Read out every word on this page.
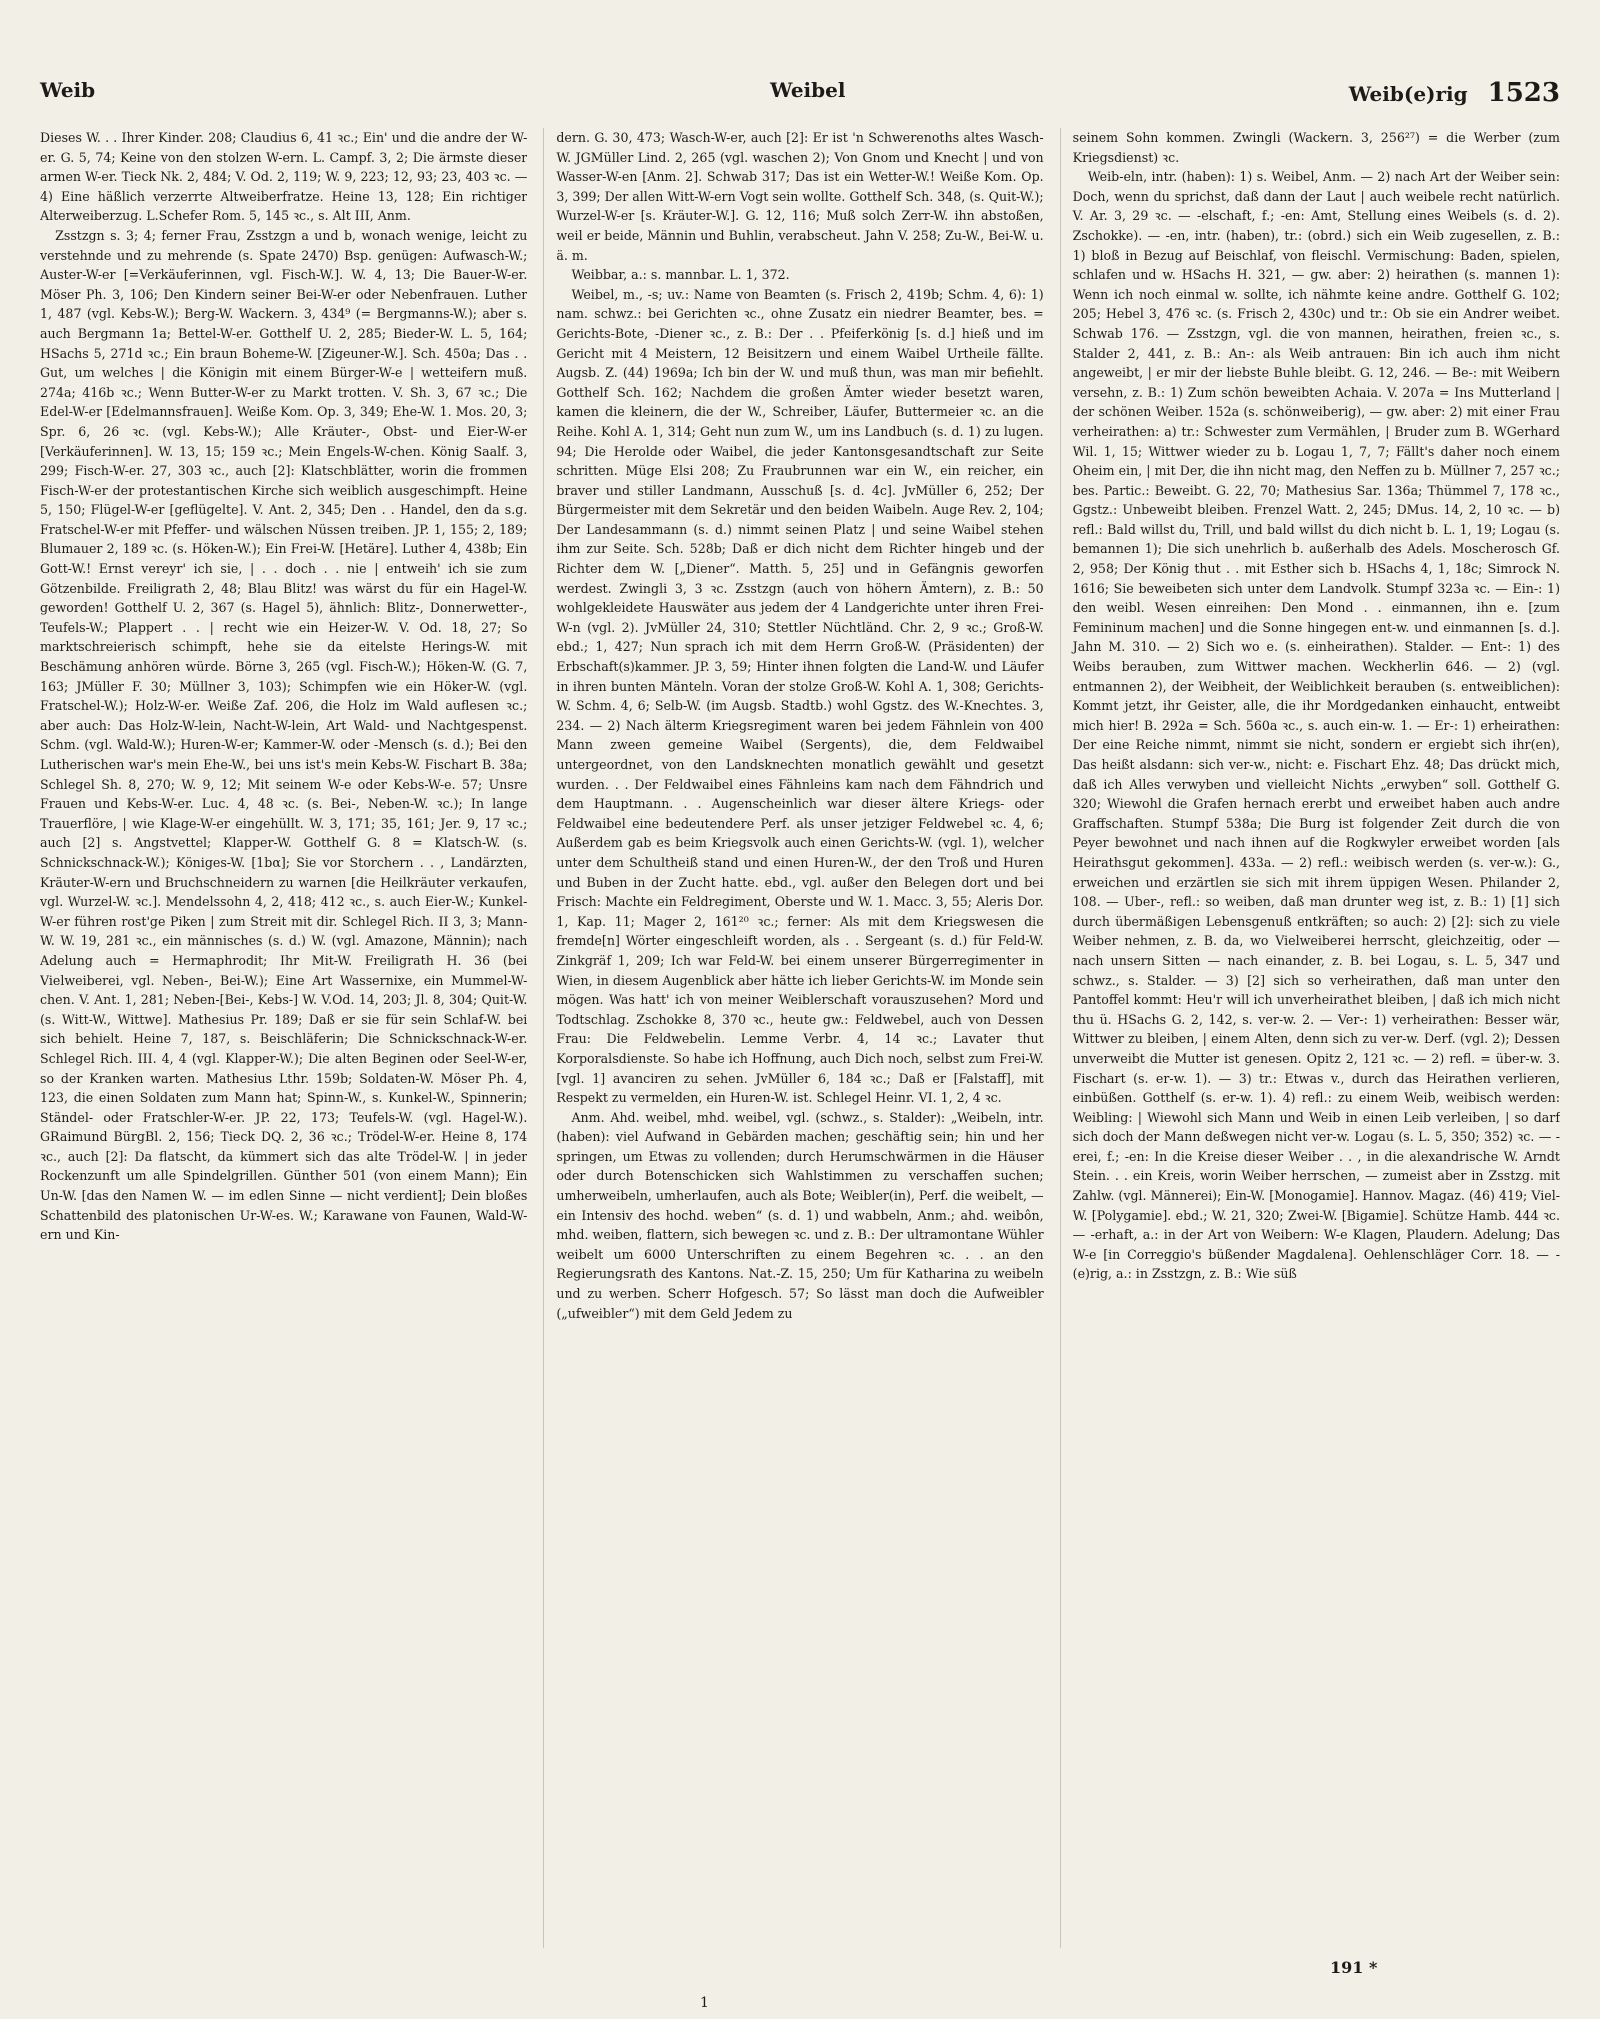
Weib	Weibel	Weib(e)rig 1523

Dieses W. . . Ihrer Kinder. 208; Claudius 6, 41 ꝛc.; Ein' und die andre der W-er. G. 5, 74; Keine von den stolzen W-ern. L. Campf. 3, 2; Die ärmste dieser armen W-er. Tieck Nk. 2, 484; V. Od. 2, 119; W. 9, 223; 12, 93; 23, 403 ꝛc. — 4) Eine häßlich verzerrte Altweiberfratze. Heine 13, 128; Ein richtiger Alterweiberzug. L.Schefer Rom. 5, 145 ꝛc., s. Alt III, Anm.

Zsstzgn s. 3; 4; ferner Frau, Zsstzgn a und b, wonach wenige, leicht zu verstehnde und zu mehrende (s. Spate 2470) Bsp. genügen: Aufwasch-W.; Auster-W-er [=Verkäuferinnen, vgl. Fisch-W.]. W. 4, 13; Die Bauer-W-er. Möser Ph. 3, 106; Den Kindern seiner Bei-W-er oder Nebenfrauen. Luther 1, 487 (vgl. Kebs-W.); Berg-W. Wackern. 3, 434⁹ (= Bergmanns-W.); aber s. auch Bergmann 1a; Bettel-W-er. Gotthelf U. 2, 285; Bieder-W. L. 5, 164; HSachs 5, 271d ꝛc.; Ein braun Boheme-W. [Zigeuner-W.]. Sch. 450a; Das . . Gut, um welches | die Königin mit einem Bürger-W-e | wetteifern muß. 274a; 416b ꝛc.; Wenn Butter-W-er zu Markt trotten. V. Sh. 3, 67 ꝛc.; Die Edel-W-er [Edelmannsfrauen]. Weiße Kom. Op. 3, 349; Ehe-W. 1. Mos. 20, 3; Spr. 6, 26 ꝛc. (vgl. Kebs-W.); Alle Kräuter-, Obst- und Eier-W-er [Verkäuferinnen]. W. 13, 15; 159 ꝛc.; Mein Engels-W-chen. König Saalf. 3, 299; Fisch-W-er. 27, 303 ꝛc., auch [2]: Klatschblätter, worin die frommen Fisch-W-er der protestantischen Kirche sich weiblich ausgeschimpft. Heine 5, 150; Flügel-W-er [geflügelte]. V. Ant. 2, 345; Den . . Handel, den da s.g. Fratschel-W-er mit Pfeffer- und wälschen Nüssen treiben. JP. 1, 155; 2, 189; Blumauer 2, 189 ꝛc. (s. Höken-W.); Ein Frei-W. [Hetäre]. Luther 4, 438b; Ein Gott-W.! Ernst vereyr' ich sie, | . . doch . . nie | entweih' ich sie zum Götzenbilde. Freiligrath 2, 48; Blau Blitz! was wärst du für ein Hagel-W. geworden! Gotthelf U. 2, 367 (s. Hagel 5), ähnlich: Blitz-, Donnerwetter-, Teufels-W.; Plappert . . | recht wie ein Heizer-W. V. Od. 18, 27; So marktschreierisch schimpft, hehe sie da eitelste Herings-W. mit Beschämung anhören würde. Börne 3, 265 (vgl. Fisch-W.); Höken-W. (G. 7, 163; JMüller F. 30; Müllner 3, 103); Schimpfen wie ein Höker-W. (vgl. Fratschel-W.); Holz-W-er. Weiße Zaf. 206, die Holz im Wald auflesen ꝛc.; aber auch: Das Holz-W-lein, Nacht-W-lein, Art Wald- und Nachtgespenst. Schm. (vgl. Wald-W.); Huren-W-er; Kammer-W. oder -Mensch (s. d.); Bei den Lutherischen war's mein Ehe-W., bei uns ist's mein Kebs-W. Fischart B. 38a; Schlegel Sh. 8, 270; W. 9, 12; Mit seinem W-e oder Kebs-W-e. 57; Unsre Frauen und Kebs-W-er. Luc. 4, 48 ꝛc. (s. Bei-, Neben-W. ꝛc.); In lange Trauerflöre, | wie Klage-W-er eingehüllt. W. 3, 171; 35, 161; Jer. 9, 17 ꝛc.; auch [2] s. Angstvettel; Klapper-W. Gotthelf G. 8 = Klatsch-W. (s. Schnickschnack-W.); Königes-W. [1bα]; Sie vor Storchern . . , Landärzten, Kräuter-W-ern und Bruchschneidern zu warnen [die Heilkräuter verkaufen, vgl. Wurzel-W. ꝛc.]. Mendelssohn 4, 2, 418; 412 ꝛc., s. auch Eier-W.; Kunkel-W-er führen rost'ge Piken | zum Streit mit dir. Schlegel Rich. II 3, 3; Mann-W. W. 19, 281 ꝛc., ein männisches (s. d.) W. (vgl. Amazone, Männin); nach Adelung auch = Hermaphrodit; Ihr Mit-W. Freiligrath H. 36 (bei Vielweiberei, vgl. Neben-, Bei-W.); Eine Art Wassernixe, ein Mummel-W-chen. V. Ant. 1, 281; Neben-[Bei-, Kebs-] W. V.Od. 14, 203; Jl. 8, 304; Quit-W. (s. Witt-W., Wittwe]. Mathesius Pr. 189; Daß er sie für sein Schlaf-W. bei sich behielt. Heine 7, 187, s. Beischläferin; Die Schnickschnack-W-er. Schlegel Rich. III. 4, 4 (vgl. Klapper-W.); Die alten Beginen oder Seel-W-er, so der Kranken warten. Mathesius Lthr. 159b; Soldaten-W. Möser Ph. 4, 123, die einen Soldaten zum Mann hat; Spinn-W., s. Kunkel-W., Spinnerin; Ständel- oder Fratschler-W-er. JP. 22, 173; Teufels-W. (vgl. Hagel-W.). GRaimund BürgBl. 2, 156; Tieck DQ. 2, 36 ꝛc.; Trödel-W-er. Heine 8, 174 ꝛc., auch [2]: Da flatscht, da kümmert sich das alte Trödel-W. | in jeder Rockenzunft um alle Spindelgrillen. Günther 501 (von einem Mann); Ein Un-W. [das den Namen W. — im edlen Sinne — nicht verdient]; Dein bloßes Schattenbild des platonischen Ur-W-es. W.; Karawane von Faunen, Wald-W-ern und Kin-

dern. G. 30, 473; Wasch-W-er, auch [2]: Er ist 'n Schwerenoths altes Wasch-W. JGMüller Lind. 2, 265 (vgl. waschen 2); Von Gnom und Knecht | und von Wasser-W-en [Anm. 2]. Schwab 317; Das ist ein Wetter-W.! Weiße Kom. Op. 3, 399; Der allen Witt-W-ern Vogt sein wollte. Gotthelf Sch. 348, (s. Quit-W.); Wurzel-W-er [s. Kräuter-W.]. G. 12, 116; Muß solch Zerr-W. ihn abstoßen, weil er beide, Männin und Buhlin, verabscheut. Jahn V. 258; Zu-W., Bei-W. u. ä. m.

Weibbar, a.: s. mannbar. L. 1, 372.

Weibel, m., -s; uv.: Name von Beamten (s. Frisch 2, 419b; Schm. 4, 6): 1) nam. schwz.: bei Gerichten ꝛc., ohne Zusatz ein niedrer Beamter, bes. = Gerichts-Bote, -Diener ꝛc., z. B.: Der . . Pfeiferkönig [s. d.] hieß und im Gericht mit 4 Meistern, 12 Beisitzern und einem Waibel Urtheile fällte. Augsb. Z. (44) 1969a; Ich bin der W. und muß thun, was man mir befiehlt. Gotthelf Sch. 162; Nachdem die großen Ämter wieder besetzt waren, kamen die kleinern, die der W., Schreiber, Läufer, Buttermeier ꝛc. an die Reihe. Kohl A. 1, 314; Geht nun zum W., um ins Landbuch (s. d. 1) zu lugen. 94; Die Herolde oder Waibel, die jeder Kantonsgesandtschaft zur Seite schritten. Müge Elsi 208; Zu Fraubrunnen war ein W., ein reicher, ein braver und stiller Landmann, Ausschuß [s. d. 4c]. JvMüller 6, 252; Der Bürgermeister mit dem Sekretär und den beiden Waibeln. Auge Rev. 2, 104; Der Landesammann (s. d.) nimmt seinen Platz | und seine Waibel stehen ihm zur Seite. Sch. 528b; Daß er dich nicht dem Richter hingeb und der Richter dem W. [„Diener“. Matth. 5, 25] und in Gefängnis geworfen werdest. Zwingli 3, 3 ꝛc. Zsstzgn (auch von höhern Ämtern), z. B.: 50 wohlgekleidete Hauswäter aus jedem der 4 Landgerichte unter ihren Frei-W-n (vgl. 2). JvMüller 24, 310; Stettler Nüchtländ. Chr. 2, 9 ꝛc.; Groß-W. ebd.; 1, 427; Nun sprach ich mit dem Herrn Groß-W. (Präsidenten) der Erbschaft(s)kammer. JP. 3, 59; Hinter ihnen folgten die Land-W. und Läufer in ihren bunten Mänteln. Voran der stolze Groß-W. Kohl A. 1, 308; Gerichts-W. Schm. 4, 6; Selb-W. (im Augsb. Stadtb.) wohl Ggstz. des W.-Knechtes. 3, 234. — 2) Nach älterm Kriegsregiment waren bei jedem Fähnlein von 400 Mann zween gemeine Waibel (Sergents), die, dem Feldwaibel untergeordnet, von den Landsknechten monatlich gewählt und gesetzt wurden. . . Der Feldwaibel eines Fähnleins kam nach dem Fähndrich und dem Hauptmann. . . Augenscheinlich war dieser ältere Kriegs- oder Feldwaibel eine bedeutendere Perf. als unser jetziger Feldwebel ꝛc. 4, 6; Außerdem gab es beim Kriegsvolk auch einen Gerichts-W. (vgl. 1), welcher unter dem Schultheiß stand und einen Huren-W., der den Troß und Huren und Buben in der Zucht hatte. ebd., vgl. außer den Belegen dort und bei Frisch: Machte ein Feldregiment, Oberste und W. 1. Macc. 3, 55; Aleris Dor. 1, Kap. 11; Mager 2, 161²⁰ ꝛc.; ferner: Als mit dem Kriegswesen die fremde[n] Wörter eingeschleift worden, als . . Sergeant (s. d.) für Feld-W. Zinkgräf 1, 209; Ich war Feld-W. bei einem unserer Bürgerregimenter in Wien, in diesem Augenblick aber hätte ich lieber Gerichts-W. im Monde sein mögen. Was hatt' ich von meiner Weiblerschaft vorauszusehen? Mord und Todtschlag. Zschokke 8, 370 ꝛc., heute gw.: Feldwebel, auch von Dessen Frau: Die Feldwebelin. Lemme Verbr. 4, 14 ꝛc.; Lavater thut Korporalsdienste. So habe ich Hoffnung, auch Dich noch, selbst zum Frei-W. [vgl. 1] avanciren zu sehen. JvMüller 6, 184 ꝛc.; Daß er [Falstaff], mit Respekt zu vermelden, ein Huren-W. ist. Schlegel Heinr. VI. 1, 2, 4 ꝛc.

Anm. Ahd. weibel, mhd. weibel, vgl. (schwz., s. Stalder): „Weibeln, intr. (haben): viel Aufwand in Gebärden machen; geschäftig sein; hin und her springen, um Etwas zu vollenden; durch Herumschwärmen in die Häuser oder durch Botenschicken sich Wahlstimmen zu verschaffen suchen; umherweibeln, umherlaufen, auch als Bote; Weibler(in), Perf. die weibelt, — ein Intensiv des hochd. weben“ (s. d. 1) und wabbeln, Anm.; ahd. weibôn, mhd. weiben, flattern, sich bewegen ꝛc. und z. B.: Der ultramontane Wühler weibelt um 6000 Unterschriften zu einem Begehren ꝛc. . . an den Regierungsrath des Kantons. Nat.-Z. 15, 250; Um für Katharina zu weibeln und zu werben. Scherr Hofgesch. 57; So lässt man doch die Aufweibler („ufweibler“) mit dem Geld Jedem zu

seinem Sohn kommen. Zwingli (Wackern. 3, 256²⁷) = die Werber (zum Kriegsdienst) ꝛc.

Weib-eln, intr. (haben): 1) s. Weibel, Anm. — 2) nach Art der Weiber sein: Doch, wenn du sprichst, daß dann der Laut | auch weibele recht natürlich. V. Ar. 3, 29 ꝛc. — -elschaft, f.; -en: Amt, Stellung eines Weibels (s. d. 2). Zschokke). — -en, intr. (haben), tr.: (obrd.) sich ein Weib zugesellen, z. B.: 1) bloß in Bezug auf Beischlaf, von fleischl. Vermischung: Baden, spielen, schlafen und w. HSachs H. 321, — gw. aber: 2) heirathen (s. mannen 1): Wenn ich noch einmal w. sollte, ich nähmte keine andre. Gotthelf G. 102; 205; Hebel 3, 476 ꝛc. (s. Frisch 2, 430c) und tr.: Ob sie ein Andrer weibet. Schwab 176. — Zsstzgn, vgl. die von mannen, heirathen, freien ꝛc., s. Stalder 2, 441, z. B.: An-: als Weib antrauen: Bin ich auch ihm nicht angeweibt, | er mir der liebste Buhle bleibt. G. 12, 246. — Be-: mit Weibern versehn, z. B.: 1) Zum schön beweibten Achaia. V. 207a = Ins Mutterland | der schönen Weiber. 152a (s. schönweiberig), — gw. aber: 2) mit einer Frau verheirathen: a) tr.: Schwester zum Vermählen, | Bruder zum B. WGerhard Wil. 1, 15; Wittwer wieder zu b. Logau 1, 7, 7; Fällt's daher noch einem Oheim ein, | mit Der, die ihn nicht mag, den Neffen zu b. Müllner 7, 257 ꝛc.; bes. Partic.: Beweibt. G. 22, 70; Mathesius Sar. 136a; Thümmel 7, 178 ꝛc., Ggstz.: Unbeweibt bleiben. Frenzel Watt. 2, 245; DMus. 14, 2, 10 ꝛc. — b) refl.: Bald willst du, Trill, und bald willst du dich nicht b. L. 1, 19; Logau (s. bemannen 1); Die sich unehrlich b. außerhalb des Adels. Moscherosch Gf. 2, 958; Der König thut . . mit Esther sich b. HSachs 4, 1, 18c; Simrock N. 1616; Sie beweibeten sich unter dem Landvolk. Stumpf 323a ꝛc. — Ein-: 1) den weibl. Wesen einreihen: Den Mond . . einmannen, ihn e. [zum Femininum machen] und die Sonne hingegen ent-w. und einmannen [s. d.]. Jahn M. 310. — 2) Sich wo e. (s. einheirathen). Stalder. — Ent-: 1) des Weibs berauben, zum Wittwer machen. Weckherlin 646. — 2) (vgl. entmannen 2), der Weibheit, der Weiblichkeit berauben (s. entweiblichen): Kommt jetzt, ihr Geister, alle, die ihr Mordgedanken einhaucht, entweibt mich hier! B. 292a = Sch. 560a ꝛc., s. auch ein-w. 1. — Er-: 1) erheirathen: Der eine Reiche nimmt, nimmt sie nicht, sondern er ergiebt sich ihr(en), Das heißt alsdann: sich ver-w., nicht: e. Fischart Ehz. 48; Das drückt mich, daß ich Alles verwyben und vielleicht Nichts „erwyben“ soll. Gotthelf G. 320; Wiewohl die Grafen hernach ererbt und erweibet haben auch andre Graffschaften. Stumpf 538a; Die Burg ist folgender Zeit durch die von Peyer bewohnet und nach ihnen auf die Rogkwyler erweibet worden [als Heirathsgut gekommen]. 433a. — 2) refl.: weibisch werden (s. ver-w.): G., erweichen und erzärtlen sie sich mit ihrem üppigen Wesen. Philander 2, 108. — Uber-, refl.: so weiben, daß man drunter weg ist, z. B.: 1) [1] sich durch übermäßigen Lebensgenuß entkräften; so auch: 2) [2]: sich zu viele Weiber nehmen, z. B. da, wo Vielweiberei herrscht, gleichzeitig, oder — nach unsern Sitten — nach einander, z. B. bei Logau, s. L. 5, 347 und schwz., s. Stalder. — 3) [2] sich so verheirathen, daß man unter den Pantoffel kommt: Heu'r will ich unverheirathet bleiben, | daß ich mich nicht thu ü. HSachs G. 2, 142, s. ver-w. 2. — Ver-: 1) verheirathen: Besser wär, Wittwer zu bleiben, | einem Alten, denn sich zu ver-w. Derf. (vgl. 2); Dessen unverweibt die Mutter ist genesen. Opitz 2, 121 ꝛc. — 2) refl. = über-w. 3. Fischart (s. er-w. 1). — 3) tr.: Etwas v., durch das Heirathen verlieren, einbüßen. Gotthelf (s. er-w. 1). 4) refl.: zu einem Weib, weibisch werden: Weibling: | Wiewohl sich Mann und Weib in einen Leib verleiben, | so darf sich doch der Mann deßwegen nicht ver-w. Logau (s. L. 5, 350; 352) ꝛc. — -erei, f.; -en: In die Kreise dieser Weiber . . , in die alexandrische W. Arndt Stein. . . ein Kreis, worin Weiber herrschen, — zumeist aber in Zsstzg. mit Zahlw. (vgl. Männerei); Ein-W. [Monogamie]. Hannov. Magaz. (46) 419; Viel-W. [Polygamie]. ebd.; W. 21, 320; Zwei-W. [Bigamie]. Schütze Hamb. 444 ꝛc. — -erhaft, a.: in der Art von Weibern: W-e Klagen, Plaudern. Adelung; Das W-e [in Correggio's büßender Magdalena]. Oehlenschläger Corr. 18. — -(e)rig, a.: in Zsstzgn, z. B.: Wie süß

191 *
1
